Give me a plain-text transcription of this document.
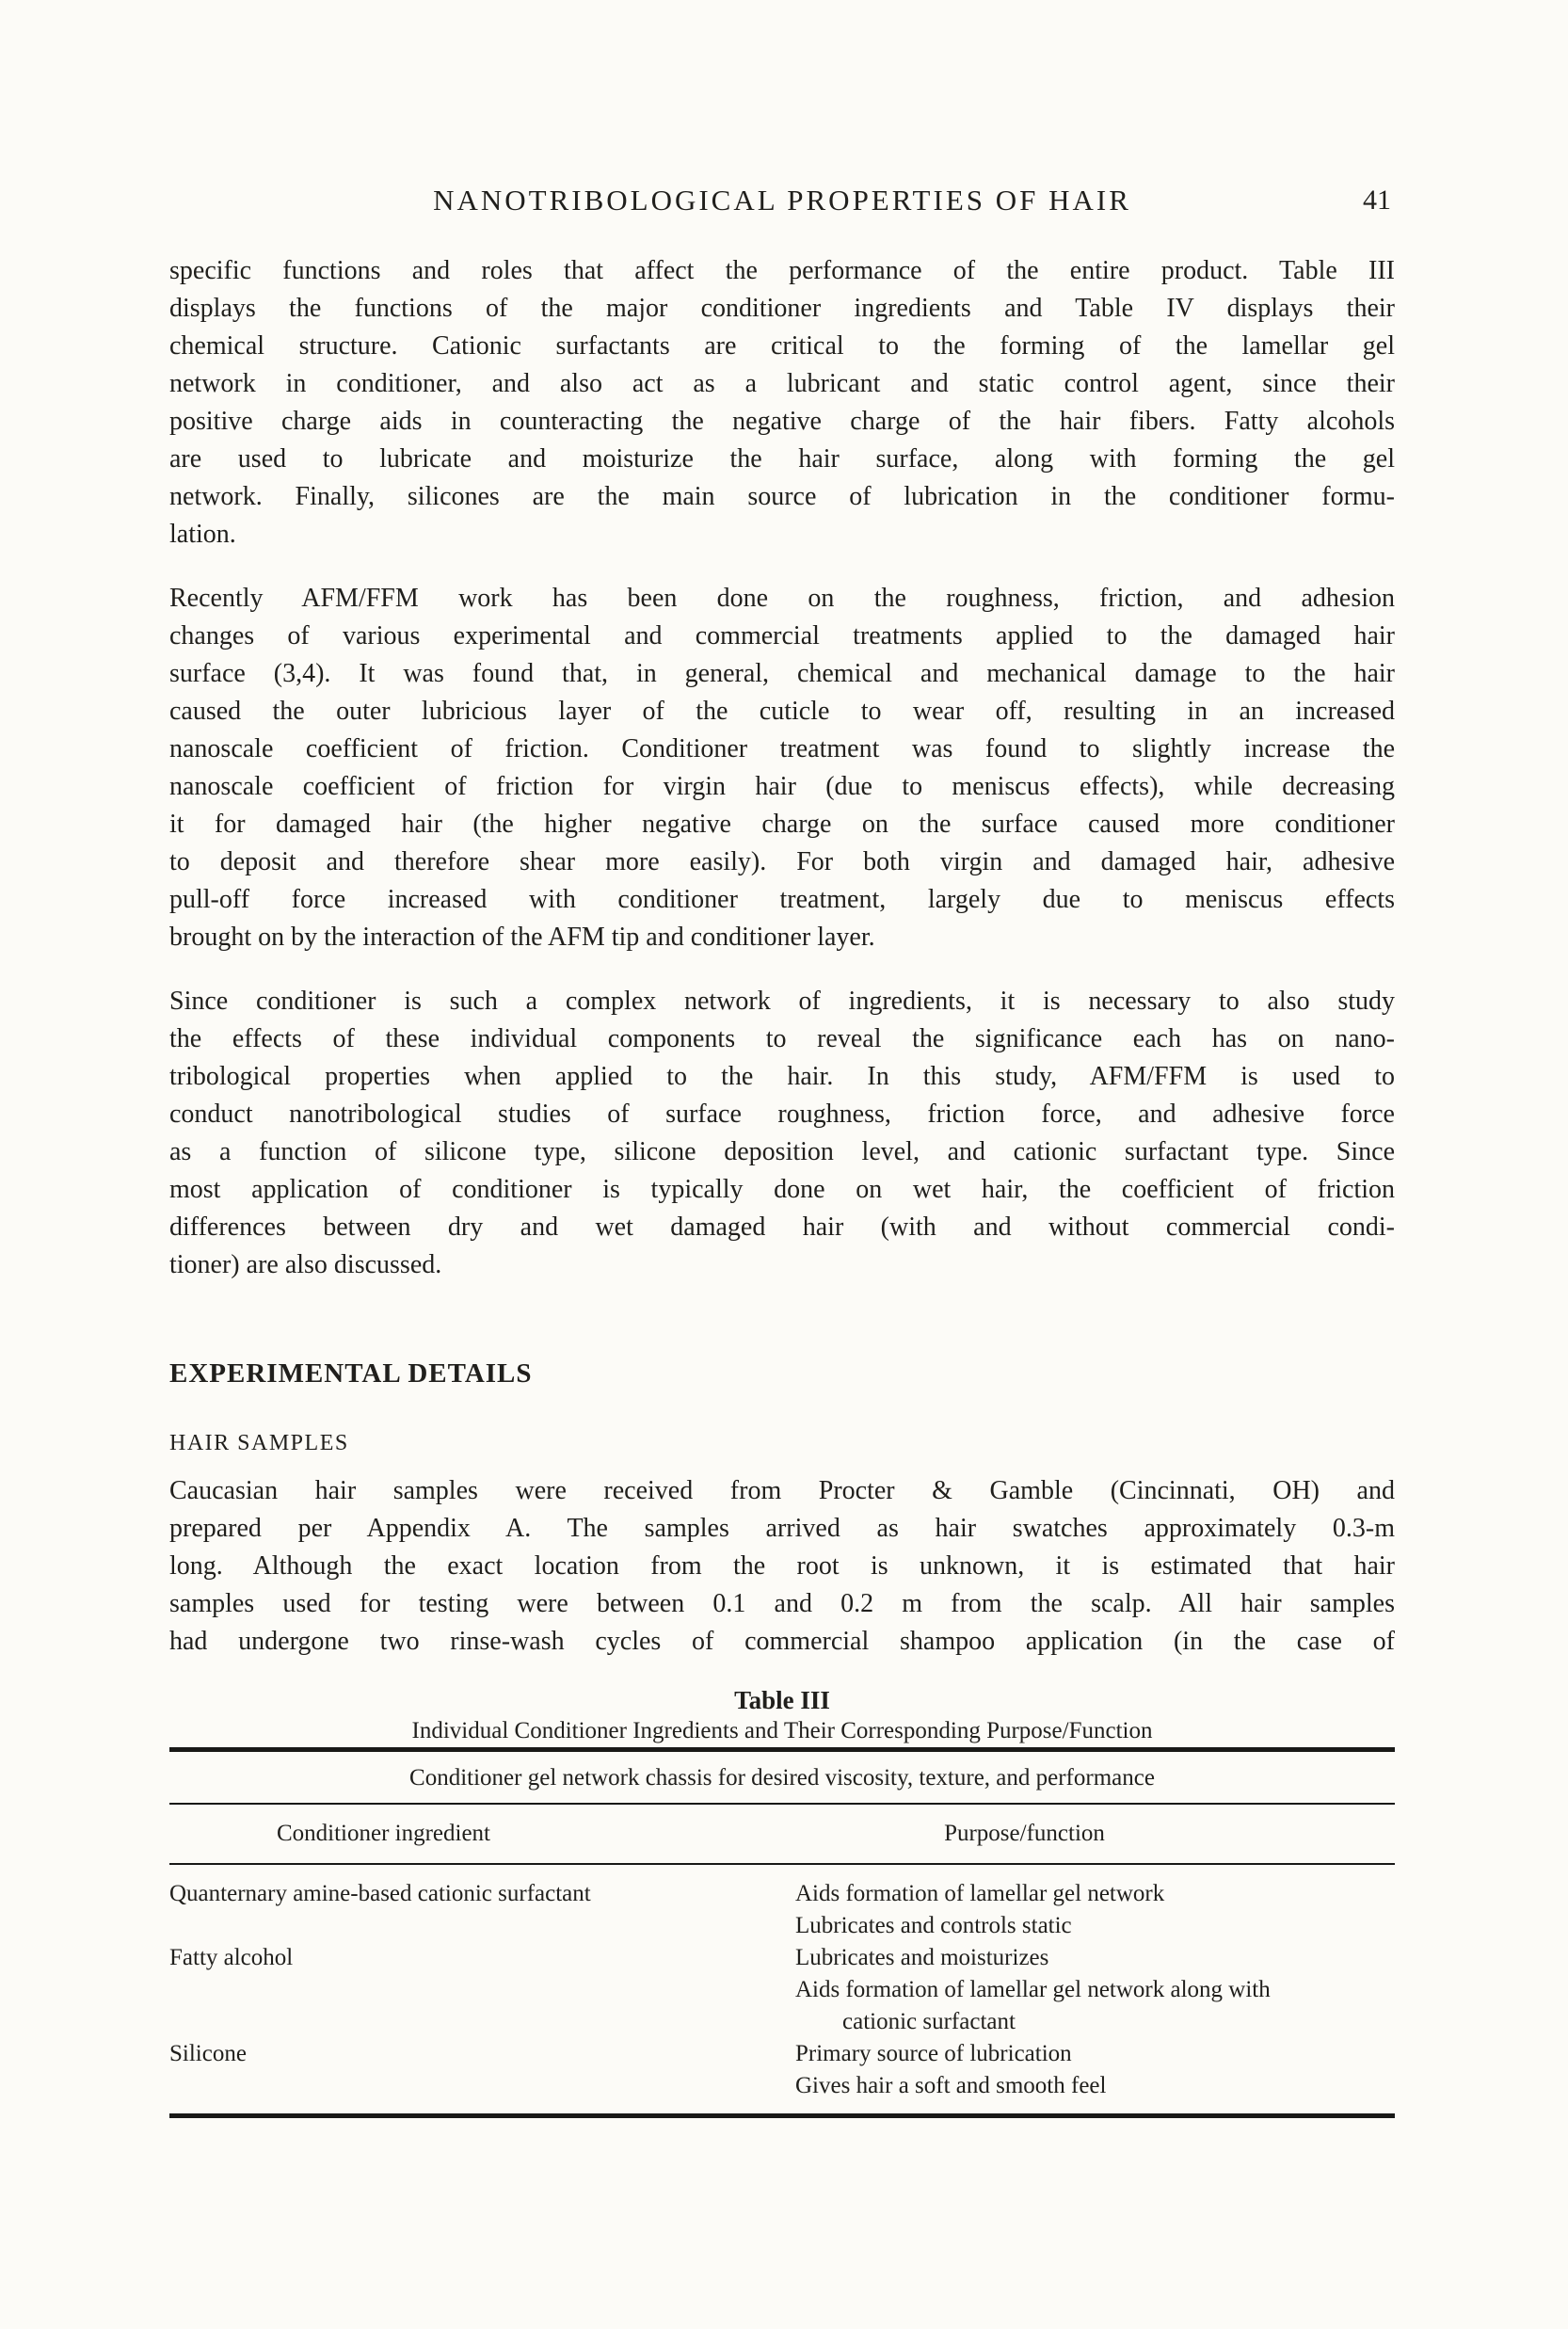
NANOTRIBOLOGICAL PROPERTIES OF HAIR	41
specific functions and roles that affect the performance of the entire product. Table III
displays the functions of the major conditioner ingredients and Table IV displays their
chemical structure. Cationic surfactants are critical to the forming of the lamellar gel
network in conditioner, and also act as a lubricant and static control agent, since their
positive charge aids in counteracting the negative charge of the hair fibers. Fatty alcohols
are used to lubricate and moisturize the hair surface, along with forming the gel
network. Finally, silicones are the main source of lubrication in the conditioner formu-
lation.
Recently AFM/FFM work has been done on the roughness, friction, and adhesion
changes of various experimental and commercial treatments applied to the damaged hair
surface (3,4). It was found that, in general, chemical and mechanical damage to the hair
caused the outer lubricious layer of the cuticle to wear off, resulting in an increased
nanoscale coefficient of friction. Conditioner treatment was found to slightly increase the
nanoscale coefficient of friction for virgin hair (due to meniscus effects), while decreasing
it for damaged hair (the higher negative charge on the surface caused more conditioner
to deposit and therefore shear more easily). For both virgin and damaged hair, adhesive
pull-off force increased with conditioner treatment, largely due to meniscus effects
brought on by the interaction of the AFM tip and conditioner layer.
Since conditioner is such a complex network of ingredients, it is necessary to also study
the effects of these individual components to reveal the significance each has on nano-
tribological properties when applied to the hair. In this study, AFM/FFM is used to
conduct nanotribological studies of surface roughness, friction force, and adhesive force
as a function of silicone type, silicone deposition level, and cationic surfactant type. Since
most application of conditioner is typically done on wet hair, the coefficient of friction
differences between dry and wet damaged hair (with and without commercial condi-
tioner) are also discussed.
EXPERIMENTAL DETAILS
HAIR SAMPLES
Caucasian hair samples were received from Procter & Gamble (Cincinnati, OH) and
prepared per Appendix A. The samples arrived as hair swatches approximately 0.3-m
long. Although the exact location from the root is unknown, it is estimated that hair
samples used for testing were between 0.1 and 0.2 m from the scalp. All hair samples
had undergone two rinse-wash cycles of commercial shampoo application (in the case of
Table III
Individual Conditioner Ingredients and Their Corresponding Purpose/Function
Conditioner gel network chassis for desired viscosity, texture, and performance
Conditioner ingredient	Purpose/function
Quanternary amine-based cationic surfactant	Aids formation of lamellar gel network
Lubricates and controls static
Fatty alcohol	Lubricates and moisturizes
Aids formation of lamellar gel network along with
cationic surfactant
Silicone	Primary source of lubrication
Gives hair a soft and smooth feel
